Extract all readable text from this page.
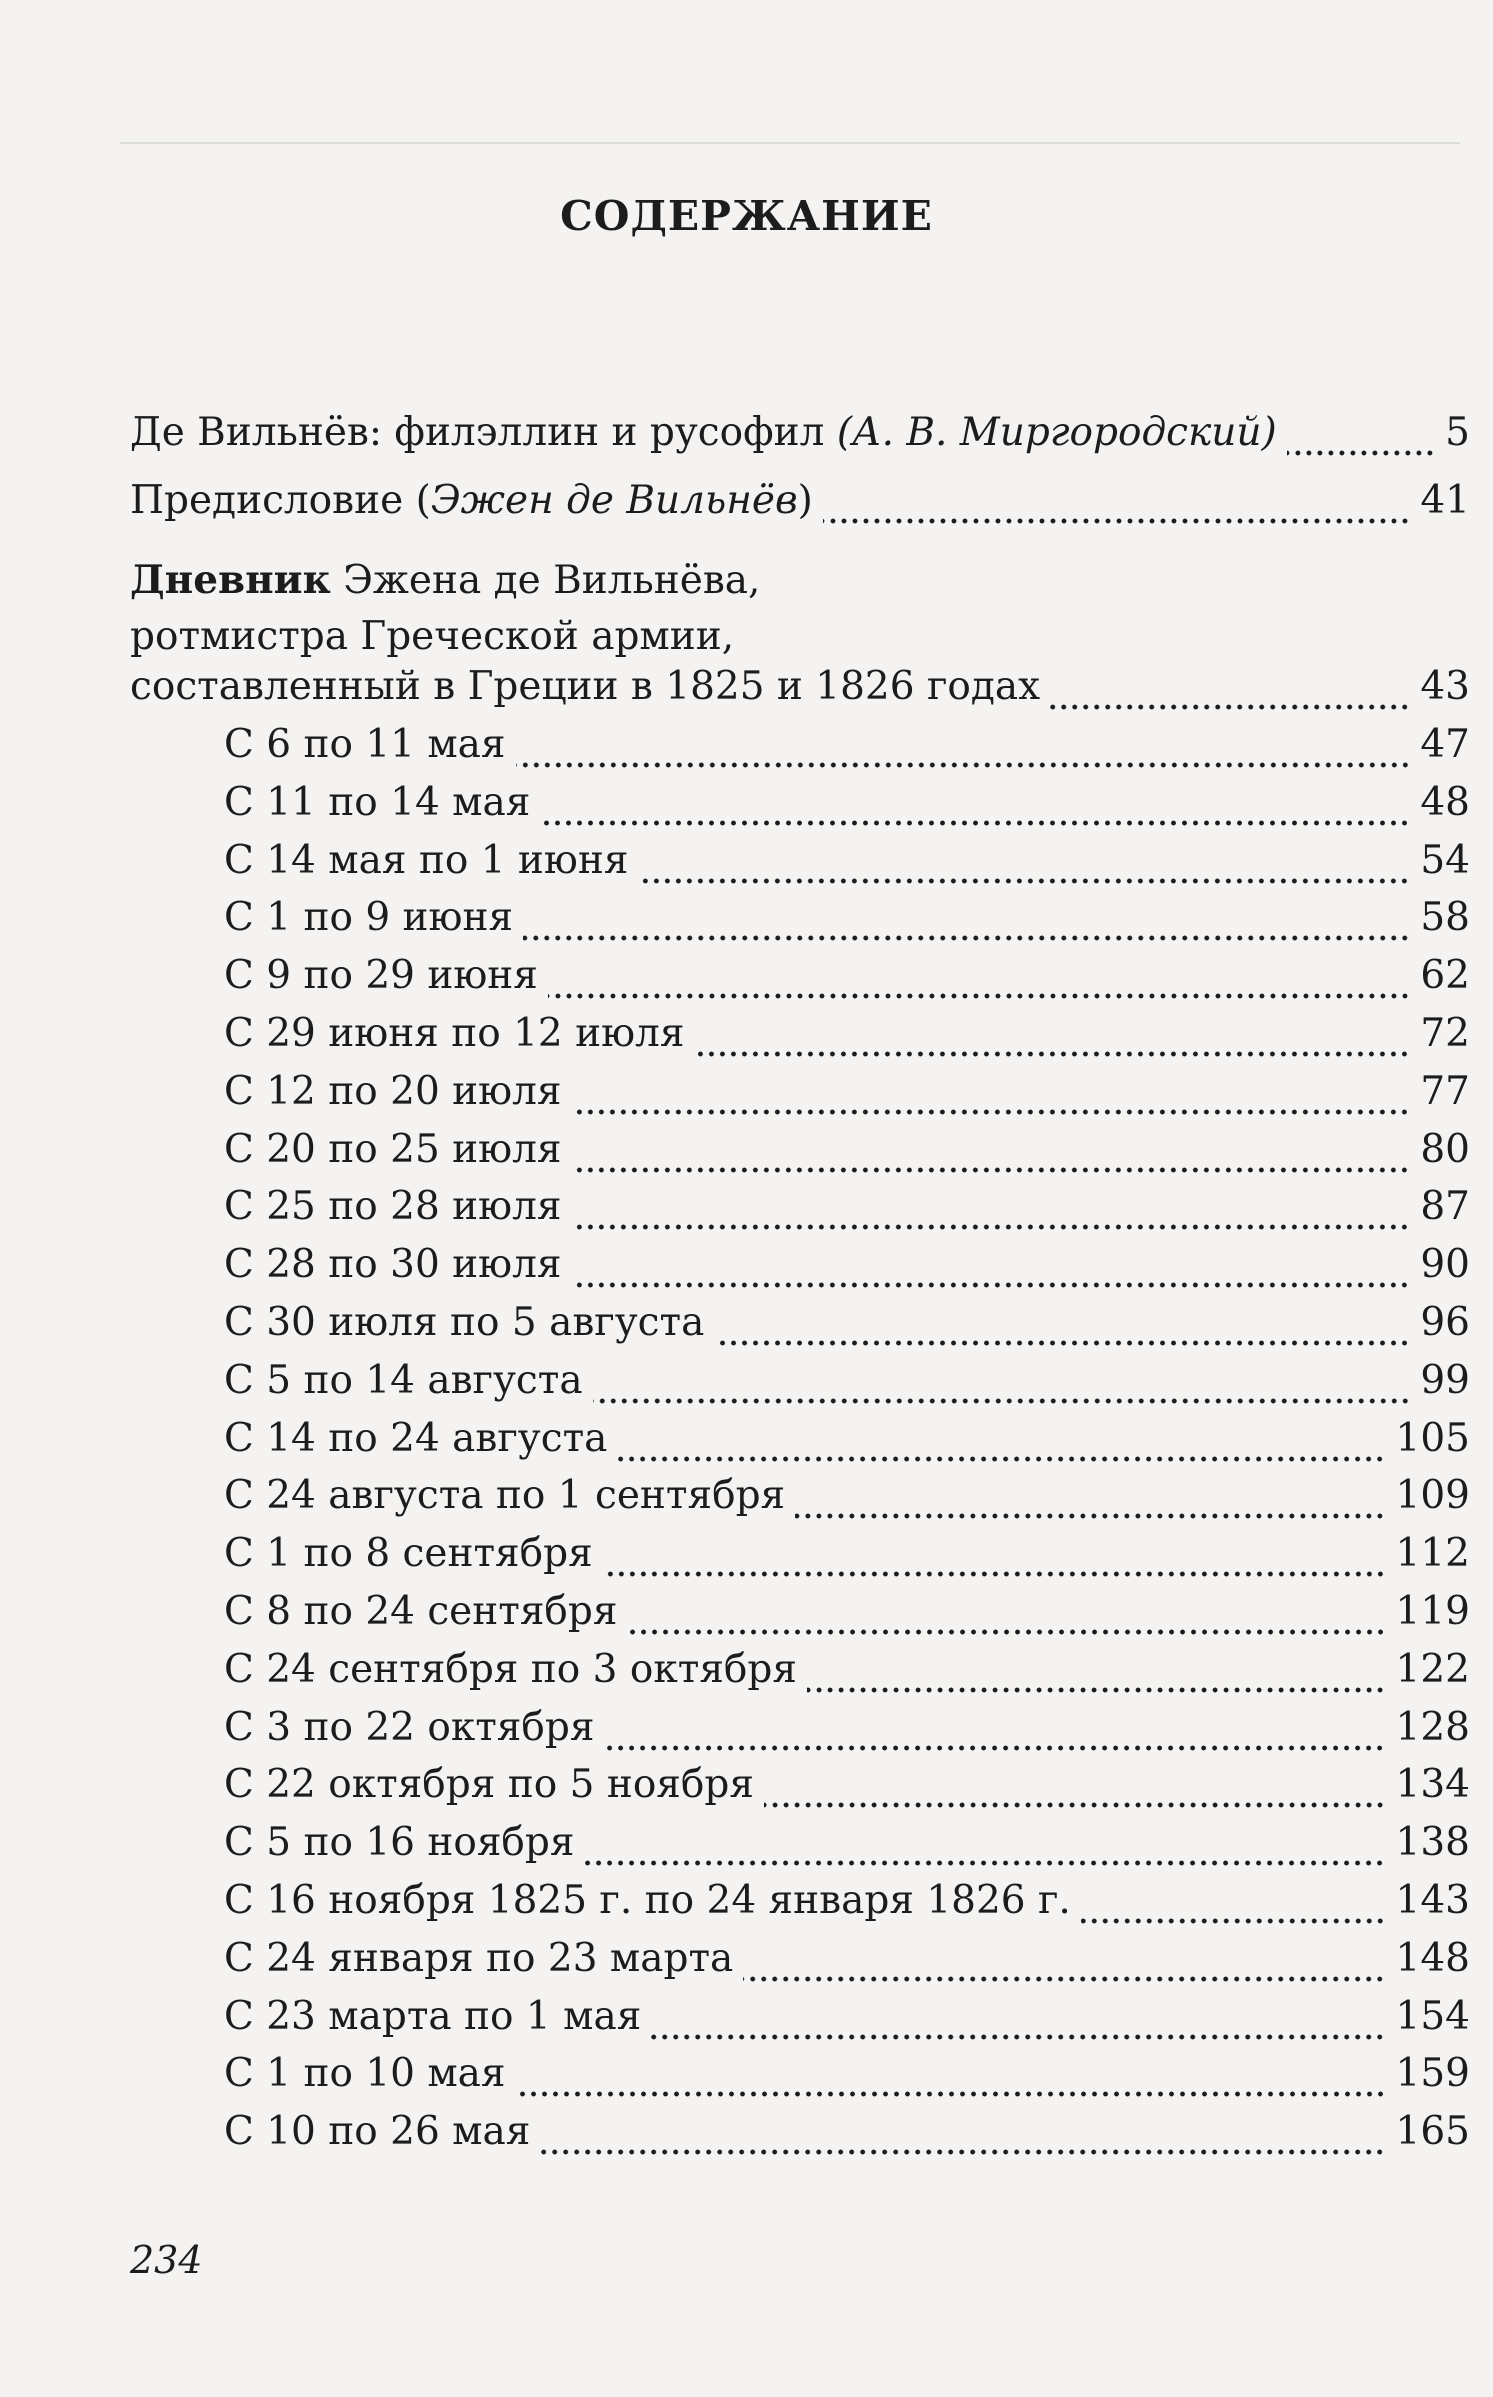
СОДЕРЖАНИЕ
Де Вильнёв: филэллин и русофил (А. В. Миргородский)	5
Предисловие (Эжен де Вильнёв)	41
Дневник Эжена де Вильнёва,
ротмистра Греческой армии,
составленный в Греции в 1825 и 1826 годах	43
С 6 по 11 мая	47
С 11 по 14 мая	48
С 14 мая по 1 июня	54
С 1 по 9 июня	58
С 9 по 29 июня	62
С 29 июня по 12 июля	72
С 12 по 20 июля	77
С 20 по 25 июля	80
С 25 по 28 июля	87
С 28 по 30 июля	90
С 30 июля по 5 августа	96
С 5 по 14 августа	99
С 14 по 24 августа	105
С 24 августа по 1 сентября	109
С 1 по 8 сентября	112
С 8 по 24 сентября	119
С 24 сентября по 3 октября	122
С 3 по 22 октября	128
С 22 октября по 5 ноября	134
С 5 по 16 ноября	138
С 16 ноября 1825 г. по 24 января 1826 г.	143
С 24 января по 23 марта	148
С 23 марта по 1 мая	154
С 1 по 10 мая	159
С 10 по 26 мая	165
234
